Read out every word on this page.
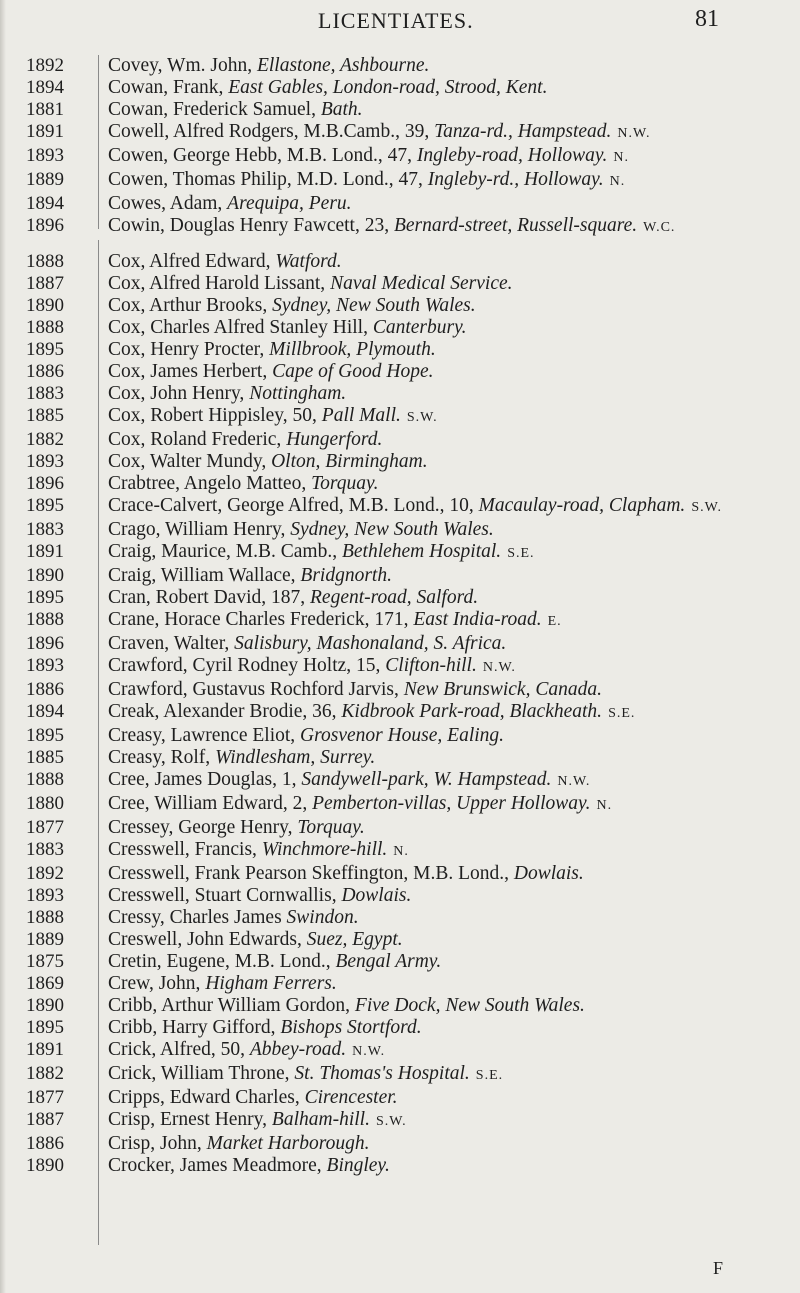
LICENTIATES.	81
1892 Covey, Wm. John, Ellastone, Ashbourne.
1894 Cowan, Frank, East Gables, London-road, Strood, Kent.
1881 Cowan, Frederick Samuel, Bath.
1891 Cowell, Alfred Rodgers, M.B.Camb., 39, Tanza-rd., Hampstead. N.W.
1893 Cowen, George Hebb, M.B. Lond., 47, Ingleby-road, Holloway. N.
1889 Cowen, Thomas Philip, M.D. Lond., 47, Ingleby-rd., Holloway. N.
1894 Cowes, Adam, Arequipa, Peru.
1896 Cowin, Douglas Henry Fawcett, 23, Bernard-street, Russell-square. W.C.
1888 Cox, Alfred Edward, Watford.
1887 Cox, Alfred Harold Lissant, Naval Medical Service.
1890 Cox, Arthur Brooks, Sydney, New South Wales.
1888 Cox, Charles Alfred Stanley Hill, Canterbury.
1895 Cox, Henry Procter, Millbrook, Plymouth.
1886 Cox, James Herbert, Cape of Good Hope.
1883 Cox, John Henry, Nottingham.
1885 Cox, Robert Hippisley, 50, Pall Mall. S.W.
1882 Cox, Roland Frederic, Hungerford.
1893 Cox, Walter Mundy, Olton, Birmingham.
1896 Crabtree, Angelo Matteo, Torquay.
1895 Crace-Calvert, George Alfred, M.B. Lond., 10, Macaulay-road, Clapham. S.W.
1883 Crago, William Henry, Sydney, New South Wales.
1891 Craig, Maurice, M.B. Camb., Bethlehem Hospital. S.E.
1890 Craig, William Wallace, Bridgnorth.
1895 Cran, Robert David, 187, Regent-road, Salford.
1888 Crane, Horace Charles Frederick, 171, East India-road. E.
1896 Craven, Walter, Salisbury, Mashonaland, S. Africa.
1893 Crawford, Cyril Rodney Holtz, 15, Clifton-hill. N.W.
1886 Crawford, Gustavus Rochford Jarvis, New Brunswick, Canada.
1894 Creak, Alexander Brodie, 36, Kidbrook Park-road, Blackheath. S.E.
1895 Creasy, Lawrence Eliot, Grosvenor House, Ealing.
1885 Creasy, Rolf, Windlesham, Surrey.
1888 Cree, James Douglas, 1, Sandywell-park, W. Hampstead. N.W.
1880 Cree, William Edward, 2, Pemberton-villas, Upper Holloway. N.
1877 Cressey, George Henry, Torquay.
1883 Cresswell, Francis, Winchmore-hill. N.
1892 Cresswell, Frank Pearson Skeffington, M.B. Lond., Dowlais.
1893 Cresswell, Stuart Cornwallis, Dowlais.
1888 Cressy, Charles James Swindon.
1889 Creswell, John Edwards, Suez, Egypt.
1875 Cretin, Eugene, M.B. Lond., Bengal Army.
1869 Crew, John, Higham Ferrers.
1890 Cribb, Arthur William Gordon, Five Dock, New South Wales.
1895 Cribb, Harry Gifford, Bishops Stortford.
1891 Crick, Alfred, 50, Abbey-road. N.W.
1882 Crick, William Throne, St. Thomas's Hospital. S.E.
1877 Cripps, Edward Charles, Cirencester.
1887 Crisp, Ernest Henry, Balham-hill. S.W.
1886 Crisp, John, Market Harborough.
1890 Crocker, James Meadmore, Bingley.
F
